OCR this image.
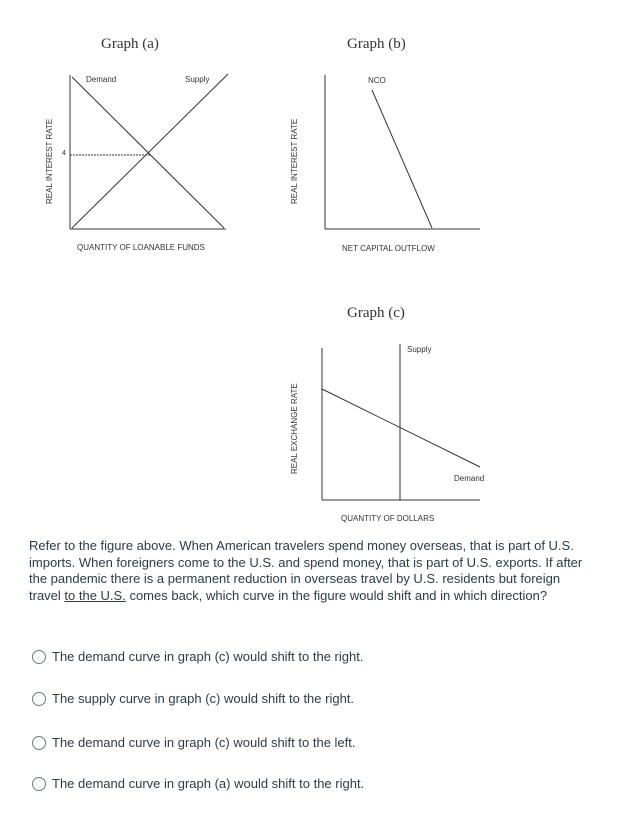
Graph (a)
Demand	Supply
REAL INTEREST RATE 4
QUANTITY OF LOANABLE FUNDS
Graph (b)
NCO
REAL INTEREST RATE
NET CAPITAL OUTFLOW
Graph (c)
Supply
Demand
REAL EXCHANGE RATE
QUANTITY OF DOLLARS
Refer to the figure above. When American travelers spend money overseas, that is part of U.S. imports. When foreigners come to the U.S. and spend money, that is part of U.S. exports. If after the pandemic there is a permanent reduction in overseas travel by U.S. residents but foreign travel to the U.S. comes back, which curve in the figure would shift and in which direction?
The demand curve in graph (c) would shift to the right.
The supply curve in graph (c) would shift to the right.
The demand curve in graph (c) would shift to the left.
The demand curve in graph (a) would shift to the right.
